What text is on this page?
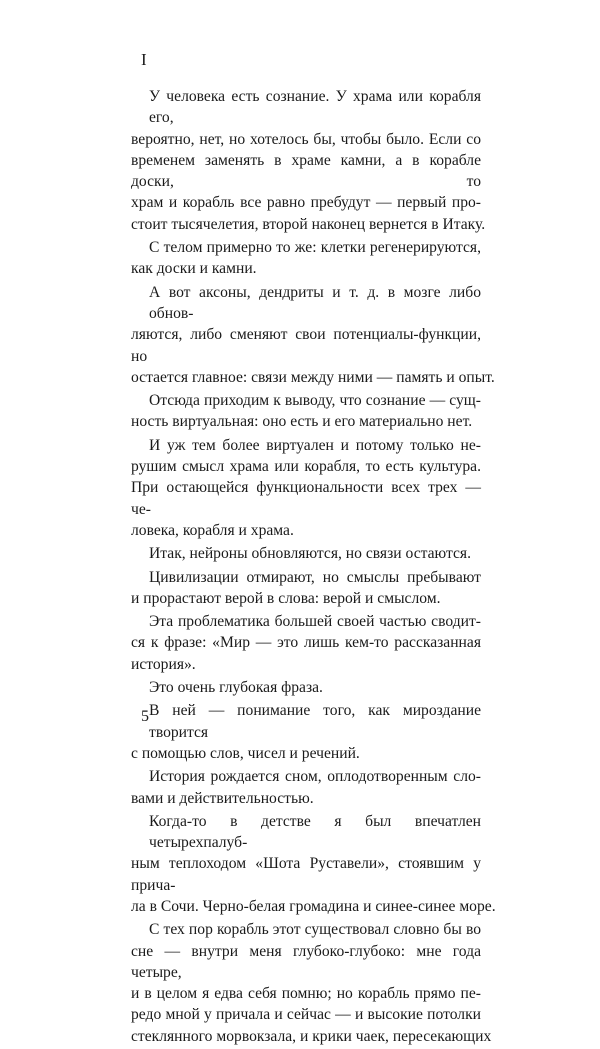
I
У человека есть сознание. У храма или корабля его,
вероятно, нет, но хотелось бы, чтобы было. Если со
временем заменять в храме камни, а в корабле доски, то
храм и корабль все равно пребудут — первый про-
стоит тысячелетия, второй наконец вернется в Итаку.
С телом примерно то же: клетки регенерируются,
как доски и камни.
А вот аксоны, дендриты и т. д. в мозге либо обнов-
ляются, либо сменяют свои потенциалы-функции, но
остается главное: связи между ними — память и опыт.
Отсюда приходим к выводу, что сознание — сущ-
ность виртуальная: оно есть и его материально нет.
И уж тем более виртуален и потому только не-
рушим смысл храма или корабля, то есть культура.
При остающейся функциональности всех трех — че-
ловека, корабля и храма.
Итак, нейроны обновляются, но связи остаются.
Цивилизации отмирают, но смыслы пребывают
и прорастают верой в слова: верой и смыслом.
Эта проблематика большей своей частью сводит-
ся к фразе: «Мир — это лишь кем-то рассказанная
история».
Это очень глубокая фраза.
В ней — понимание того, как мироздание творится
с помощью слов, чисел и речений.
История рождается сном, оплодотворенным сло-
вами и действительностью.
Когда-то в детстве я был впечатлен четырехпалуб-
ным теплоходом «Шота Руставели», стоявшим у прича-
ла в Сочи. Черно-белая громадина и синее-синее море.
С тех пор корабль этот существовал словно бы во
сне — внутри меня глубоко-глубоко: мне года четыре,
и в целом я едва себя помню; но корабль прямо пе-
редо мной у причала и сейчас — и высокие потолки
стеклянного морвокзала, и крики чаек, пересекающих
5
